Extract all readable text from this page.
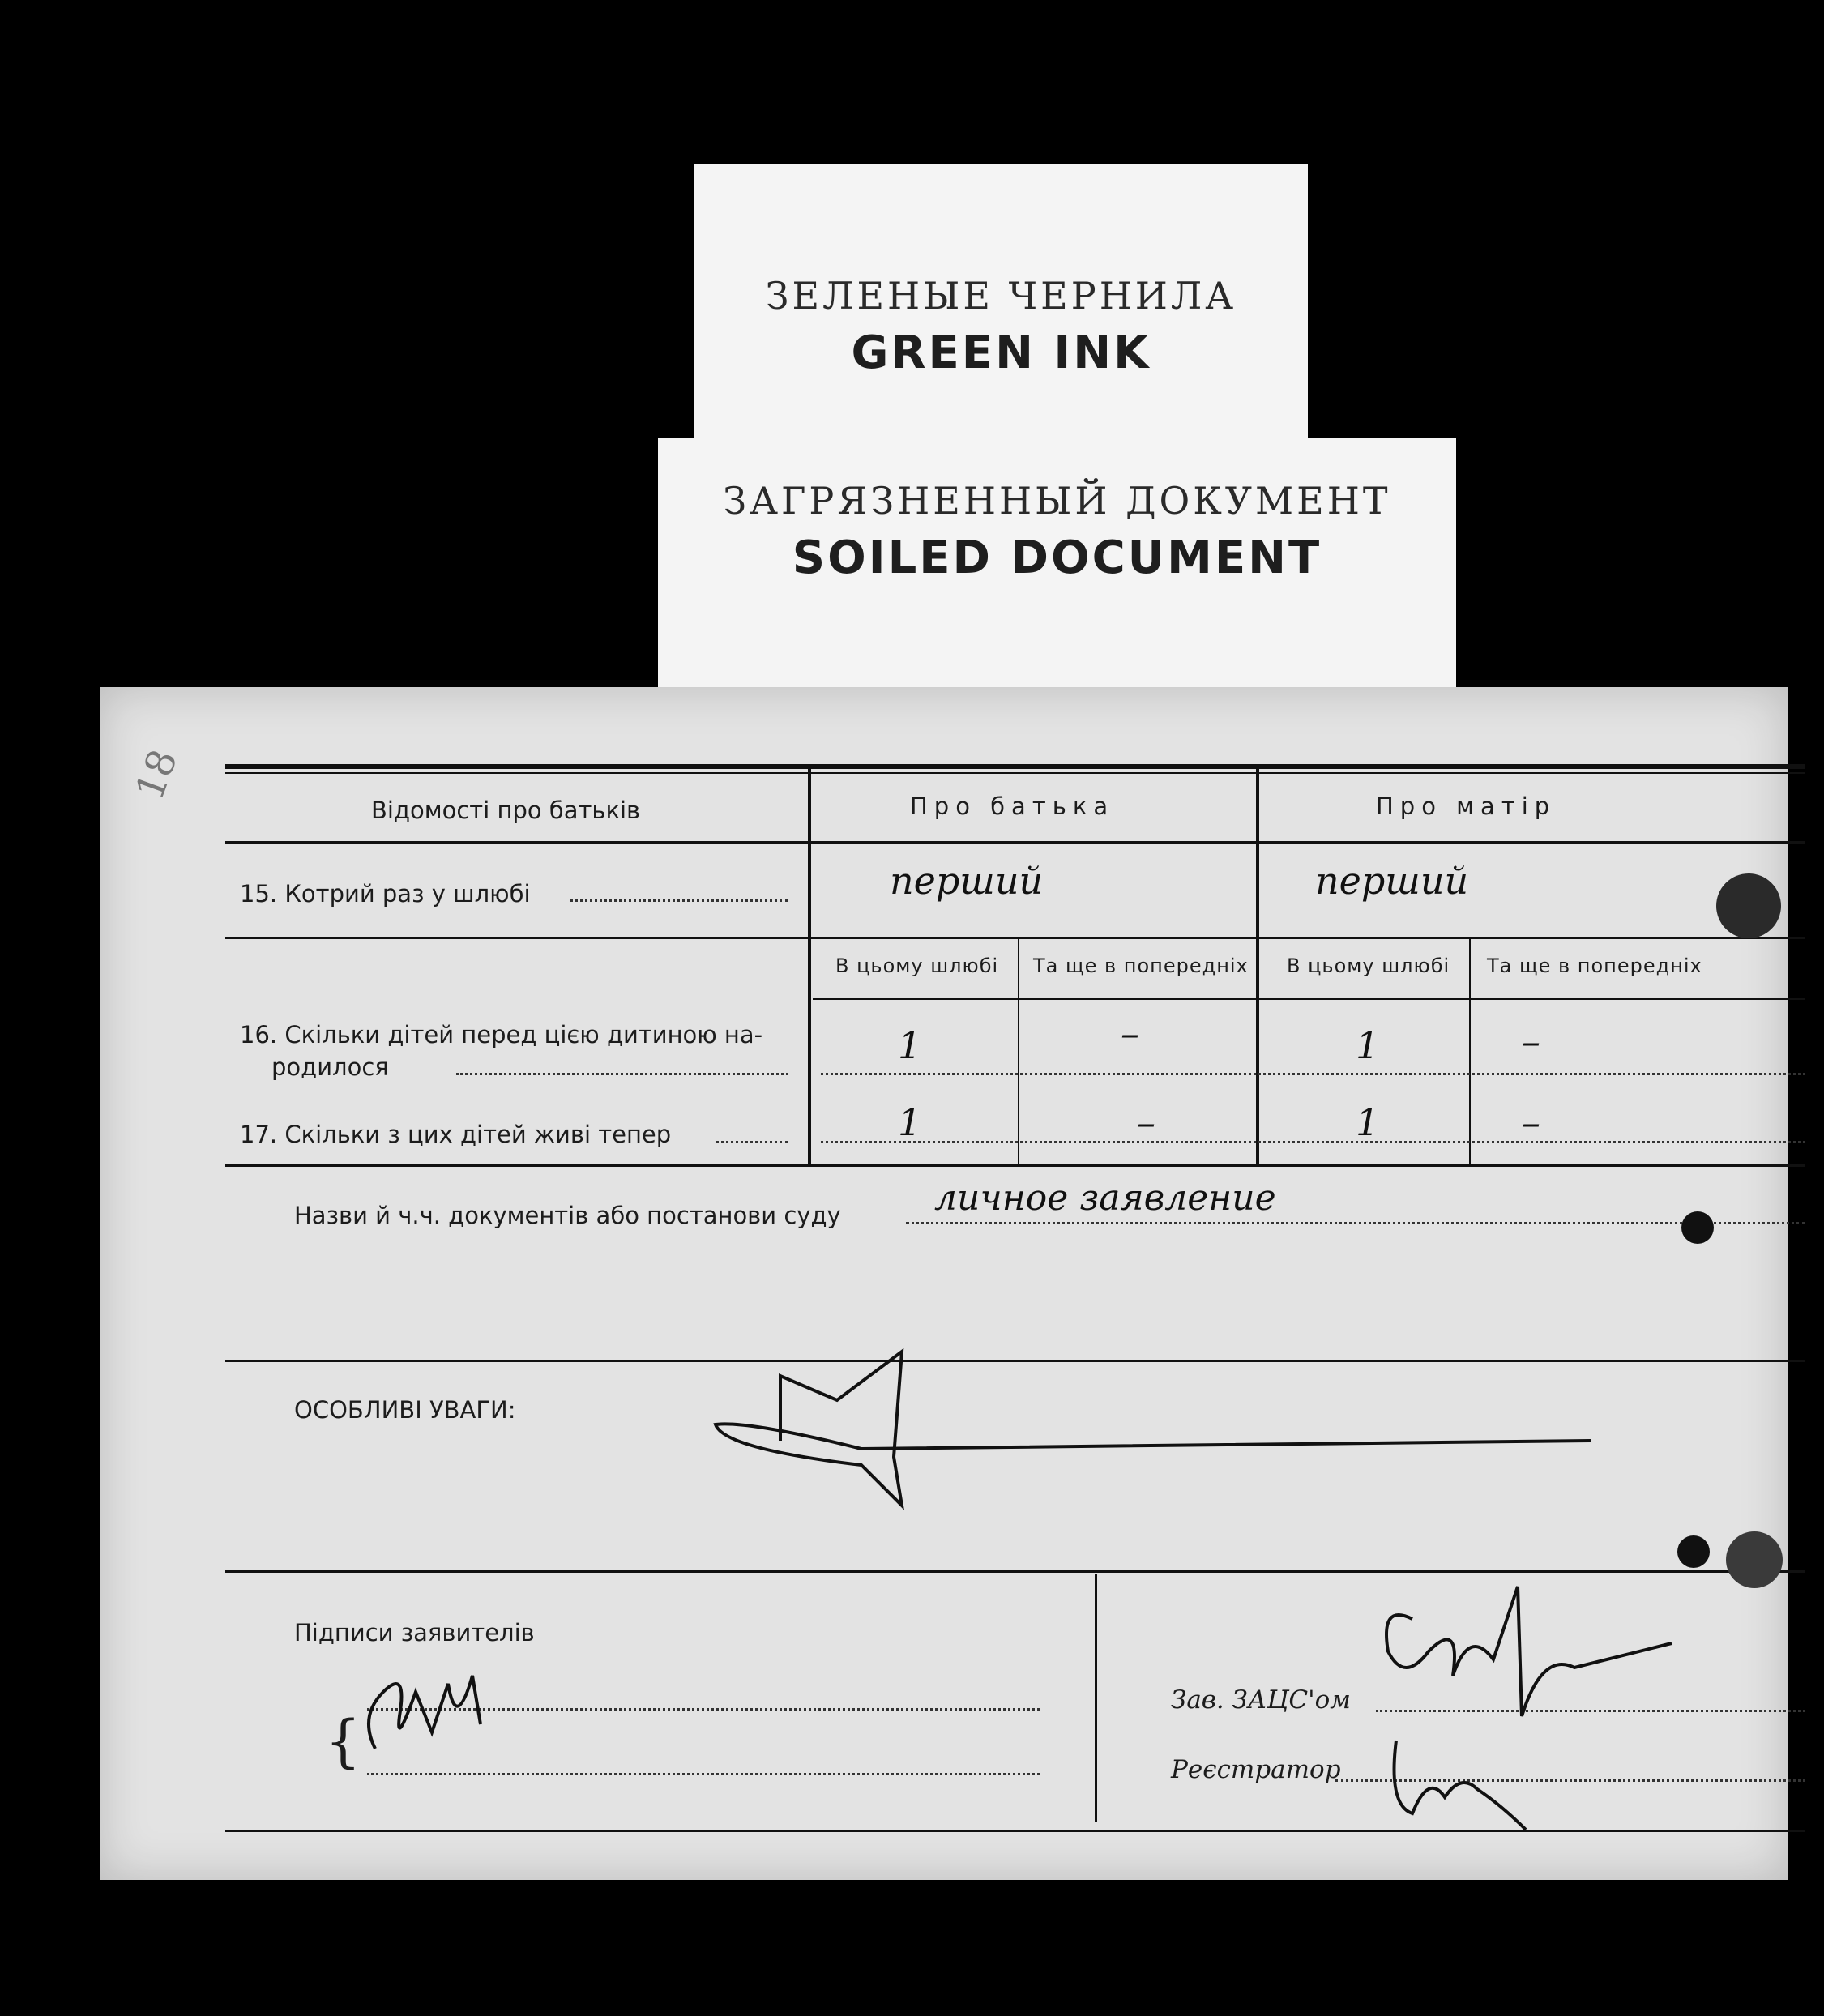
ЗЕЛЕНЫЕ ЧЕРНИЛА
GREEN INK
ЗАГРЯЗНЕННЫЙ ДОКУМЕНТ
SOILED DOCUMENT
18
Відомості про батьків	Про батька	Про матір
15. Котрий раз у шлюбі	перший	перший
В цьому шлюбі Та ще в попередніх В цьому шлюбі Та ще в попередніх
16. Скільки дітей перед цією дитиною на-
родилося	1	–	1	–
17. Скільки з цих дітей живі тепер	1	–	1	–
Назви й ч.ч. документів або постанови суду	личное заявление
ОСОБЛИВІ УВАГИ:
Підписи заявителів
{
Зав. ЗАЦС'ом
Реєстратор
